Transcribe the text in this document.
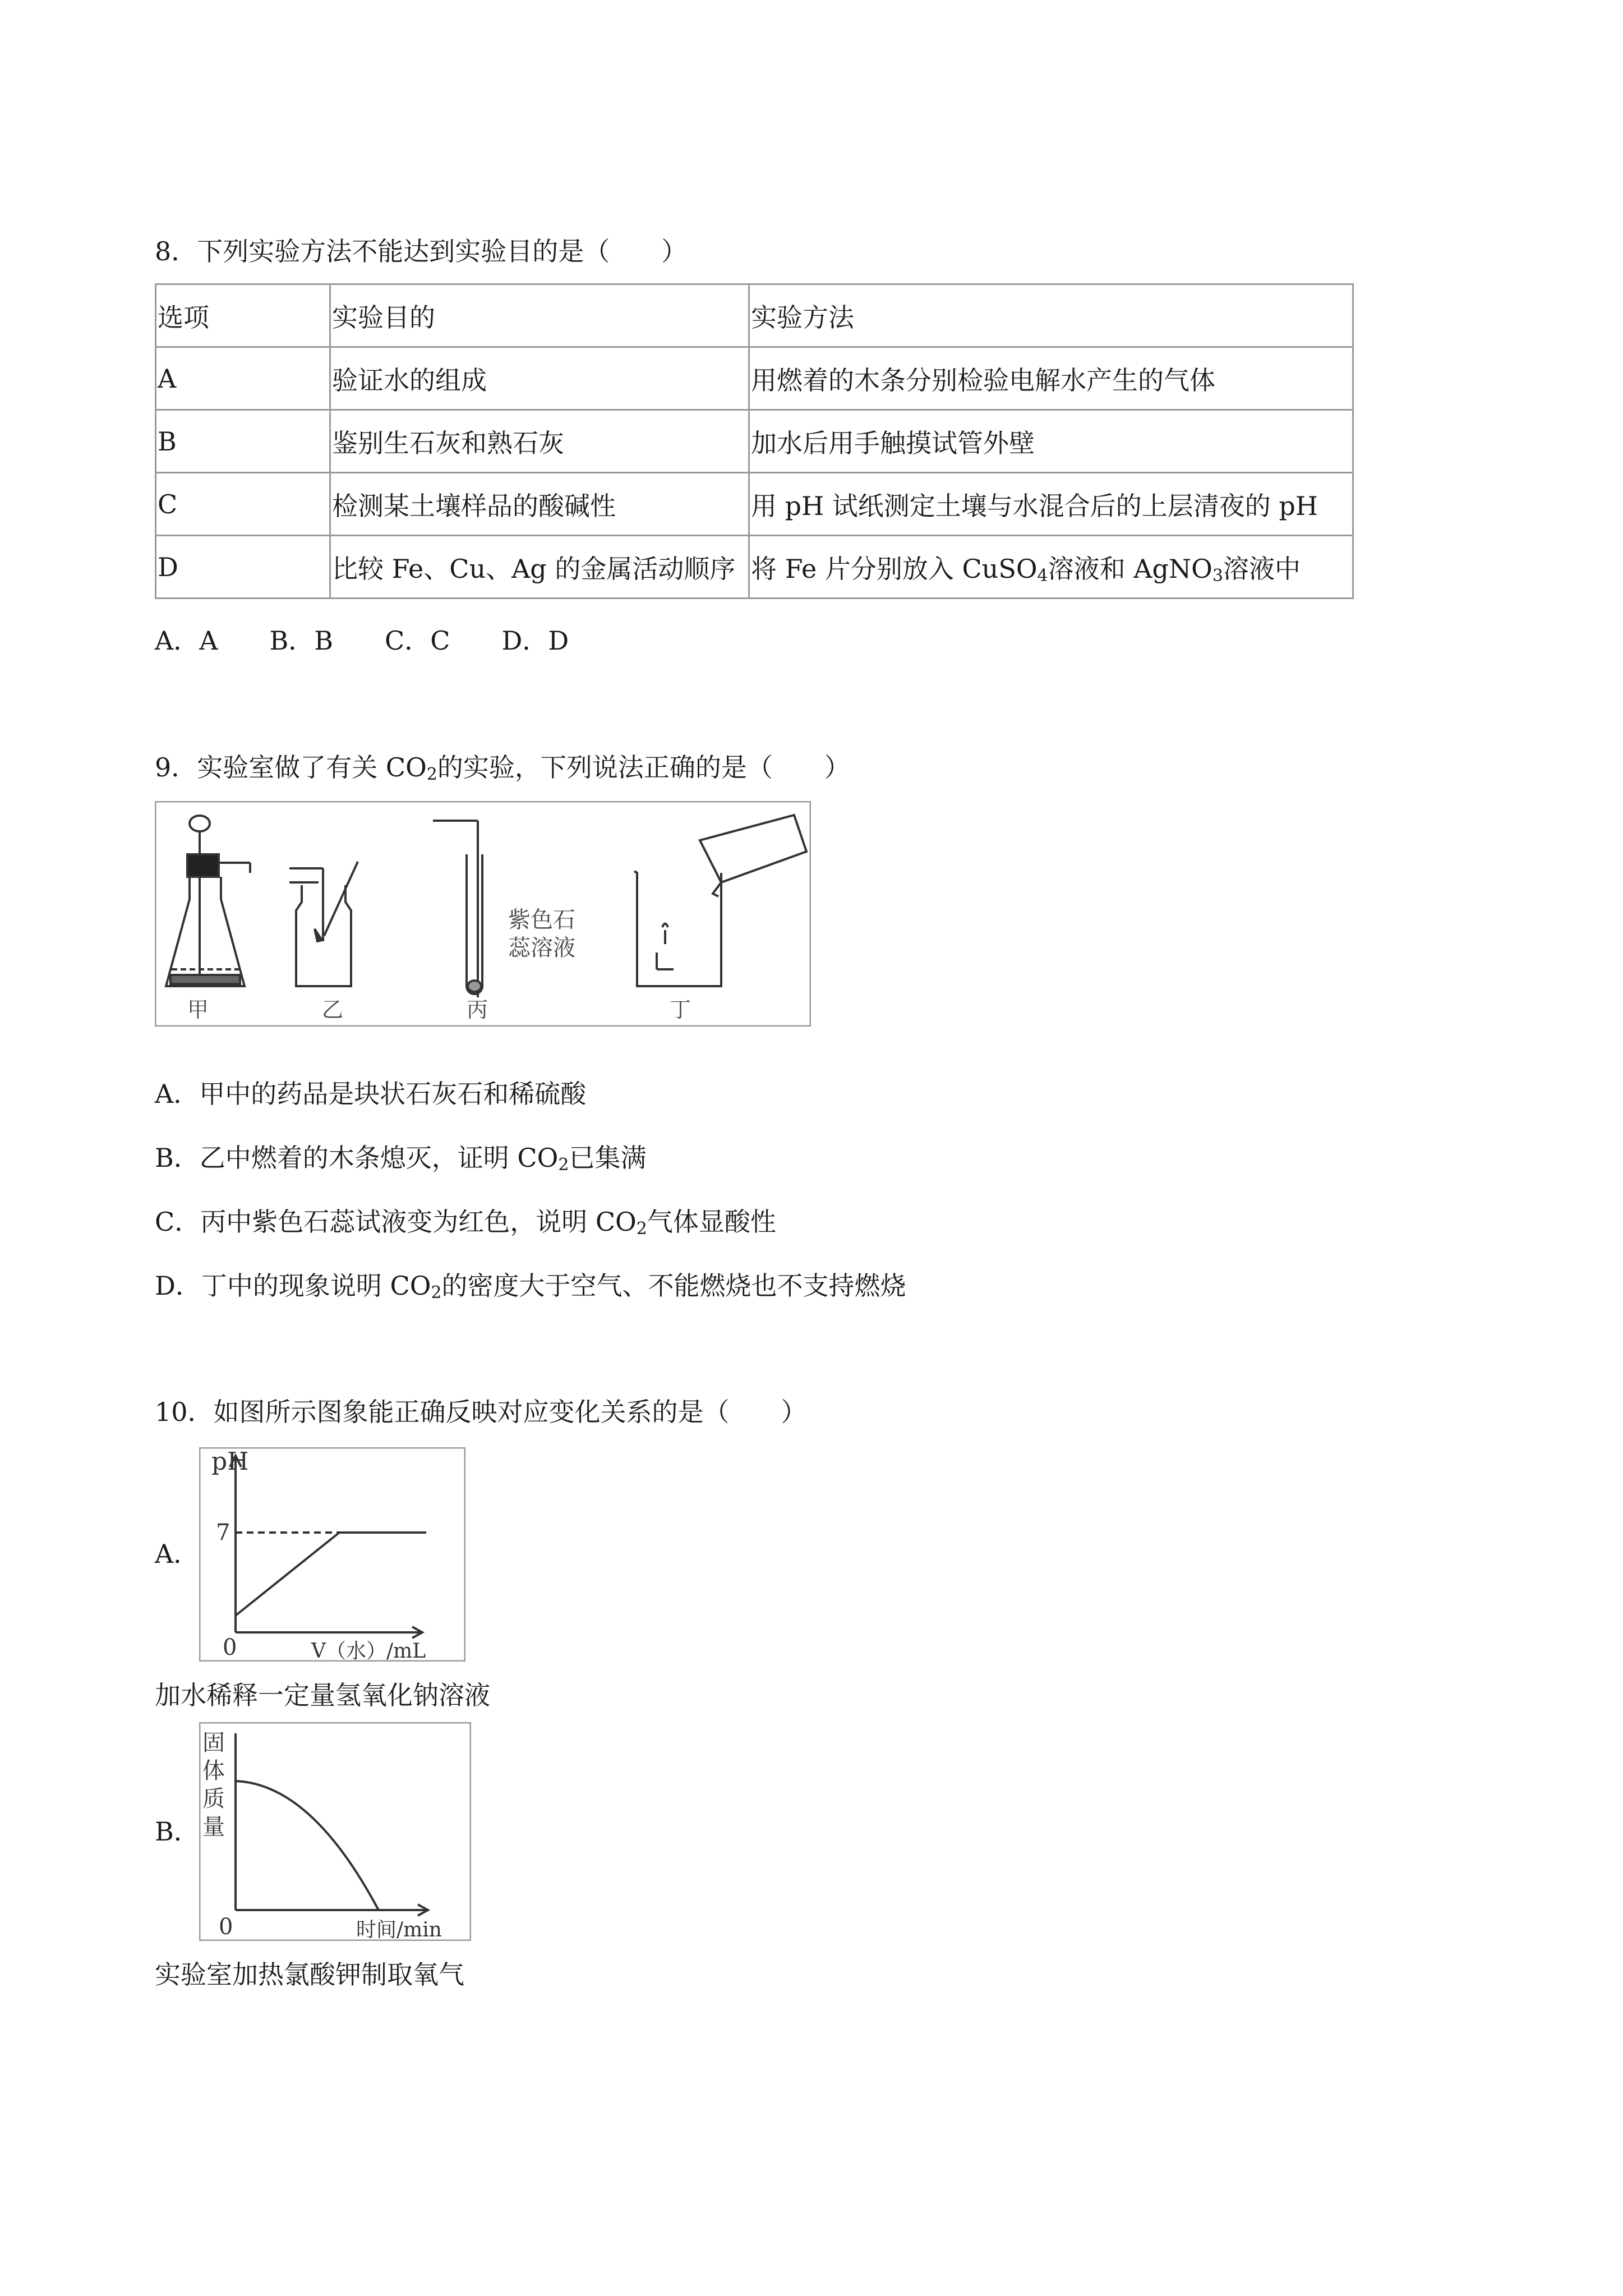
8．下列实验方法不能达到实验目的是（　　）
选项	实验目的	实验方法
A	验证水的组成	用燃着的木条分别检验电解水产生的气体
B	鉴别生石灰和熟石灰	加水后用手触摸试管外壁
C	检测某土壤样品的酸碱性	用 pH 试纸测定土壤与水混合后的上层清夜的 pH
D	比较 Fe、Cu、Ag 的金属活动顺序	将 Fe 片分别放入 CuSO$_4$溶液和 AgNO$_3$溶液中
A．A　　B．B　　C．C　　D．D
9．实验室做了有关 $CO_2$的实验，下列说法正确的是（　　）
紫色石
蕊溶液
甲	乙	丙	丁
A．甲中的药品是块状石灰石和稀硫酸
B．乙中燃着的木条熄灭，证明 $CO_2$已集满
C．丙中紫色石蕊试液变为红色，说明 $CO_2$气体显酸性
D．丁中的现象说明 $CO_2$的密度大于空气、不能燃烧也不支持燃烧
10．如图所示图象能正确反映对应变化关系的是（　　）
A．
pH
7
0	V（水）/mL
加水稀释一定量氢氧化钠溶液
B．
固
体
质
量
0	时间/min
实验室加热氯酸钾制取氧气
